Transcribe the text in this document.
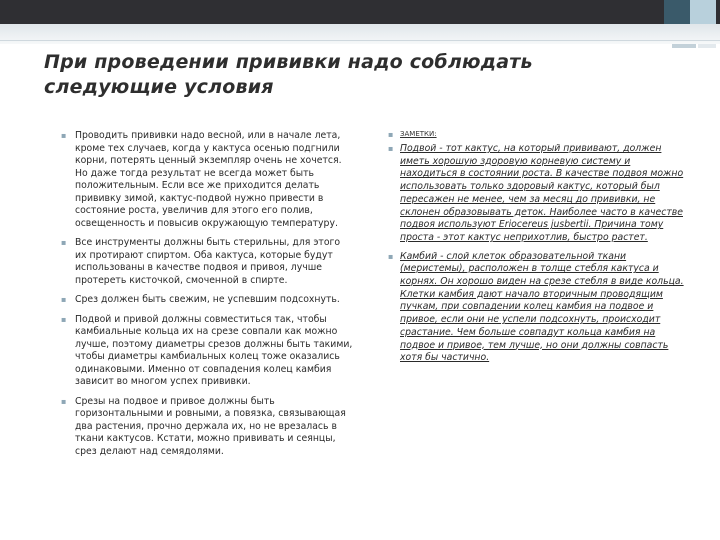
При проведении прививки надо соблюдать следующие условия
▪ Проводить прививки надо весной, или в начале лета, кроме тех случаев, когда у кактуса осенью подгнили корни, потерять ценный экземпляр очень не хочется. Но даже тогда результат не всегда может быть положительным. Если все же приходится делать прививку зимой, кактус-подвой нужно привести в состояние роста, увеличив для этого его полив, освещенность и повысив окружающую температуру.
▪ Все инструменты должны быть стерильны, для этого их протирают спиртом. Оба кактуса, которые будут использованы в качестве подвоя и привоя, лучше протереть кисточкой, смоченной в спирте.
▪ Срез должен быть свежим, не успевшим подсохнуть.
▪ Подвой и привой должны совместиться так, чтобы камбиальные кольца их на срезе совпали как можно лучше, поэтому диаметры срезов должны быть такими, чтобы диаметры камбиальных колец тоже оказались одинаковыми. Именно от совпадения колец камбия зависит во многом успех прививки.
▪ Срезы на подвое и привое должны быть горизонтальными и ровными, а повязка, связывающая два растения, прочно держала их, но не врезалась в ткани кактусов. Кстати, можно прививать и сеянцы, срез делают над семядолями.
▪ ЗАМЕТКИ:
▪ Подвой - тот кактус, на который прививают, должен иметь хорошую здоровую корневую систему и находиться в состоянии роста. В качестве подвоя можно использовать только здоровый кактус, который был пересажен не менее, чем за месяц до прививки, не склонен образовывать деток. Наиболее часто в качестве подвоя используют Eriocereus jusbertii. Причина тому проста - этот кактус неприхотлив, быстро растет.
▪ Камбий - слой клеток образовательной ткани (меристемы), расположен в толще стебля кактуса и корнях. Он хорошо виден на срезе стебля в виде кольца. Клетки камбия дают начало вторичным проводящим пучкам, при совпадении колец камбия на подвое и привое, если они не успели подсохнуть, происходит срастание. Чем больше совпадут кольца камбия на подвое и привое, тем лучше, но они должны совпасть хотя бы частично.
